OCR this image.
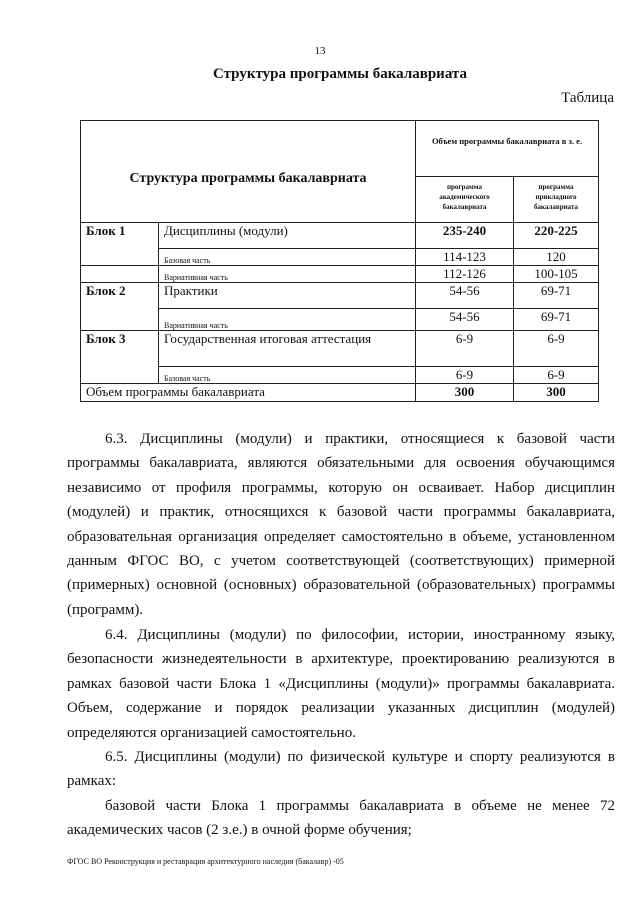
13
Структура программы бакалавриата
Таблица
Структура программы бакалавриата		Объем программы бакалавриата в з. е.	
		программа академического бакалавриата	программа прикладного бакалавриата
Блок 1	Дисциплины (модули)	235-240	220-225
	Базовая часть	114-123	120
	Вариативная часть	112-126	100-105
Блок 2	Практики	54-56	69-71
	Вариативная часть	54-56	69-71
Блок 3	Государственная итоговая аттестация	6-9	6-9
	Базовая часть	6-9	6-9
Объем программы бакалавриата		300	300

6.3. Дисциплины (модули) и практики, относящиеся к базовой части программы бакалавриата, являются обязательными для освоения обучающимся независимо от профиля программы, которую он осваивает. Набор дисциплин (модулей) и практик, относящихся к базовой части программы бакалавриата, образовательная организация определяет самостоятельно в объеме, установленном данным ФГОС ВО, с учетом соответствующей (соответствующих) примерной (примерных) основной (основных) образовательной (образовательных) программы (программ).

6.4. Дисциплины (модули) по философии, истории, иностранному языку, безопасности жизнедеятельности в архитектуре, проектированию реализуются в рамках базовой части Блока 1 «Дисциплины (модули)» программы бакалавриата. Объем, содержание и порядок реализации указанных дисциплин (модулей) определяются организацией самостоятельно.

6.5. Дисциплины (модули) по физической культуре и спорту реализуются в рамках:

базовой части Блока 1 программы бакалавриата в объеме не менее 72 академических часов (2 з.е.) в очной форме обучения;

ФГОС ВО Реконструкция и реставрация архитектурного наследия (бакалавр) -05
